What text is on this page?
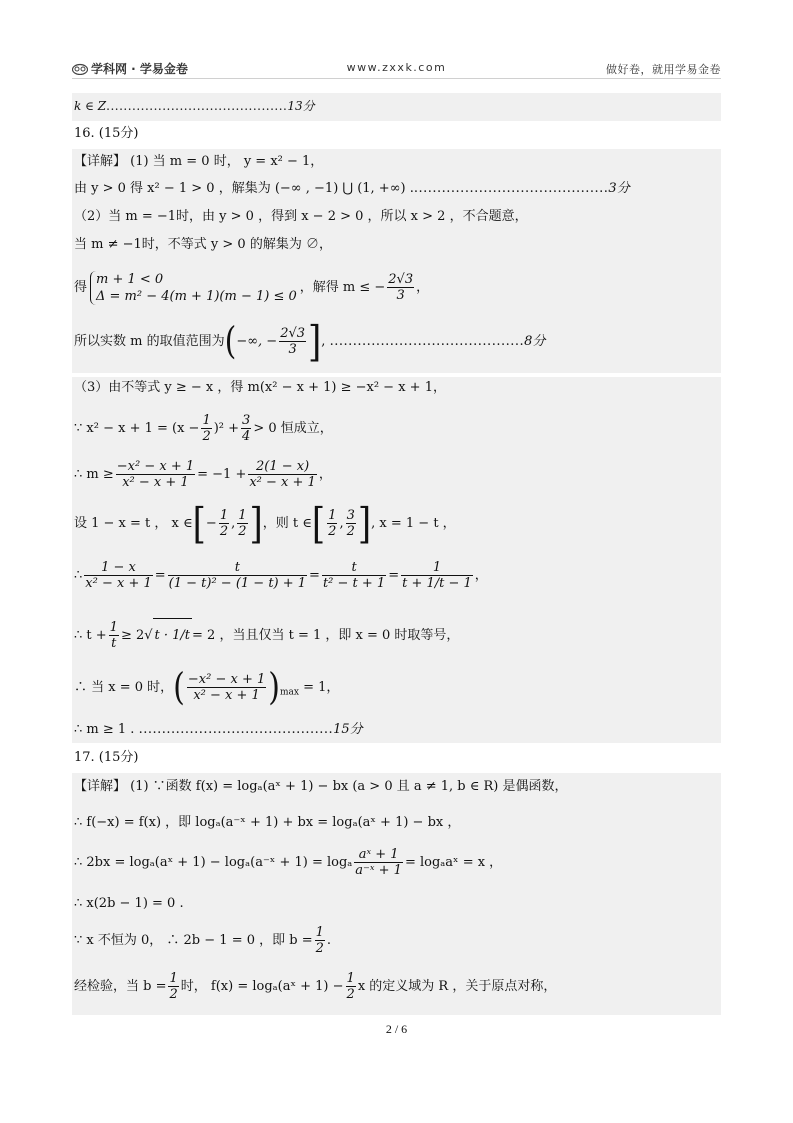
学科网 · 学易金卷	www.zxxk.com	做好卷，就用学易金卷
k ∈ Z..........................................13分
16. (15分)
【详解】 (1) 当 m = 0 时， y = x² − 1，
由 y > 0 得 x² − 1 > 0 ，解集为 (−∞ , −1) ⋃ (1, +∞) ...........................................3分
（2）当 m = −1时，由 y > 0 ，得到 x − 2 > 0 ，所以 x > 2 ，不合题意，
当 m ≠ −1时，不等式 y > 0 的解集为 ∅，
得
m + 1 < 0
Δ = m² − 4(m + 1)(m − 1) ≤ 0
，解得 m ≤ − $\frac{2√3}{3}$ ，
所以实数 m 的取值范围为(−∞, − $\frac{2√3}{3}$ ], ..........................................8分
（3）由不等式 y ≥ − x ，得 m(x² − x + 1) ≥ −x² − x + 1，
∵ $x^2 - x + 1 = (x - \frac{1}{2} )^2 + \frac{3}{4} > 0$ 恒成立，
∴ $m \ge \frac{\text{−x² − x + 1}}{\text{x² − x + 1}} = -1 + \frac{2(1 - x)}{\text{x² − x + 1}}$ ，
设 1 − x = t ， x ∈[− $\frac{1}{2}$ , $\frac{1}{2}$ ]，则 t ∈[ $\frac{1}{2}$ , $\frac{3}{2}$ ], x = 1 − t ，
∴ $\frac{1 - x}{\text{x² − x + 1}} = \frac{t}{\text{(1 − t)² − (1 − t) + 1}} = \frac{t}{\text{t² − t + 1}} = \frac{1}{t + 1/t - 1}$ ，
∴ $t + \frac{1}{t} \ge 2√$ t · 1/t = 2 ，当且仅当 t = 1 ，即 x = 0 时取等号，
∴ 当 x = 0 时，( $\frac{\text{−x² − x + 1}}{\text{x² − x + 1}} )_{max} = 1$，
∴ m ≥ 1 . ..........................................15分
17. (15分)
【详解】 (1) ∵函数 f(x) = logₐ(aˣ + 1) − bx (a > 0 且 a ≠ 1, b ∈ R) 是偶函数，
∴ f(−x) = f(x) ，即 logₐ(a⁻ˣ + 1) + bx = logₐ(aˣ + 1) − bx ，
∴ 2bx = logₐ(aˣ + 1) − logₐ(a⁻ˣ + 1) = logₐ $\frac{\text{aˣ + 1}}{\text{a⁻ˣ + 1}}$ = logₐaˣ = x ，
∴ x(2b − 1) = 0 .
∵ x 不恒为 0， ∴ 2b − 1 = 0 ，即 $b = \frac{1}{2}$ .
经检验，当 $b = \frac{1}{2}$ 时， f(x) = logₐ(aˣ + $1) - \frac{1}{2}$ x 的定义域为 R ，关于原点对称，
2 / 6
